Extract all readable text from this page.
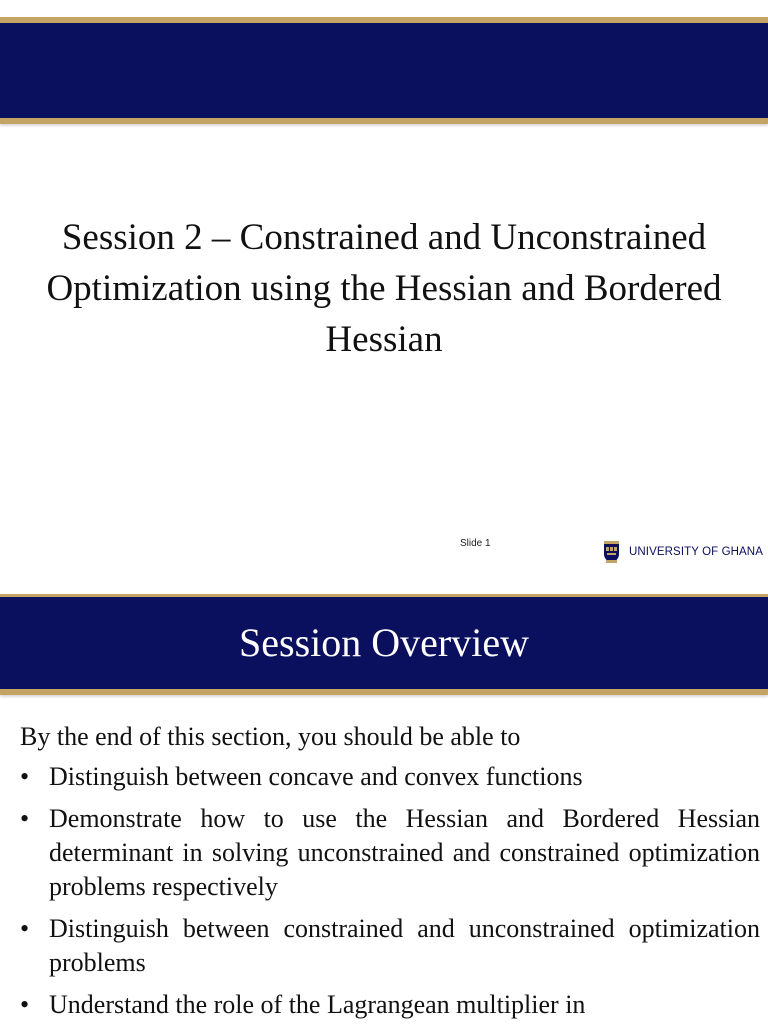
Session 2 – Constrained and Unconstrained Optimization using the Hessian and Bordered Hessian
Slide 1
UNIVERSITY OF GHANA
Session Overview

By the end of this section, you should be able to

• Distinguish between concave and convex functions
• Demonstrate how to use the Hessian and Bordered Hessian determinant in solving unconstrained and constrained optimization problems respectively
• Distinguish between constrained and unconstrained optimization problems
• Understand the role of the Lagrangean multiplier in
